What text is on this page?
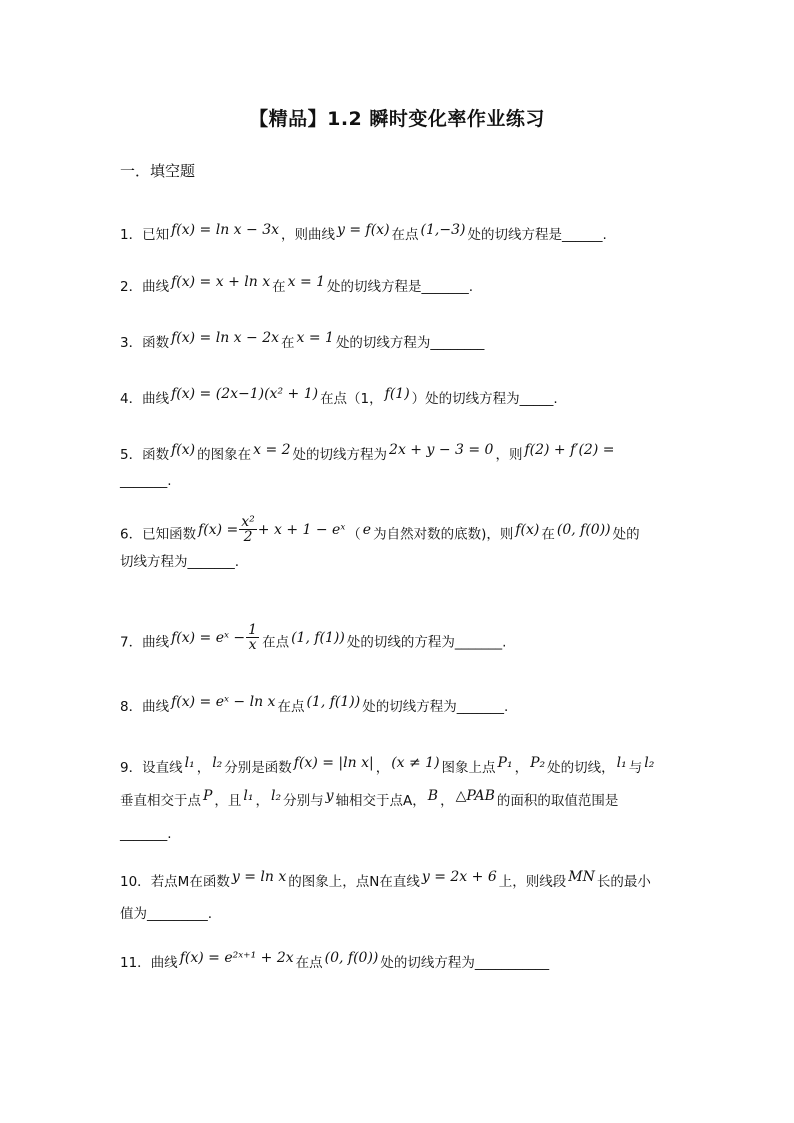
【精品】1.2 瞬时变化率作业练习
一．填空题
1．已知 f(x) = ln x − 3x ，则曲线 y = f(x) 在点 (1,−3) 处的切线方程是______.
2．曲线 f(x) = x + ln x 在 x = 1 处的切线方程是_______.
3．函数 f(x) = ln x − 2x 在 x = 1 处的切线方程为________
4．曲线 f(x) = (2x−1)(x² + 1) 在点（1， f(1) ）处的切线方程为_____.
5．函数 f(x) 的图象在 x = 2 处的切线方程为 2x + y − 3 = 0 ，则 f(2) + f′(2) =
_______.
6．已知函数 $f(x) = \frac{\text{x²}}{2} + x + 1$ − eˣ （ e 为自然对数的底数)，则 f(x) 在 (0, f(0)) 处的
切线方程为_______.
7．曲线 f(x) = eˣ − $\frac{1}{x}$ 在点 (1, f(1)) 处的切线的方程为_______.
8．曲线 f(x) = eˣ − ln x 在点 (1, f(1)) 处的切线方程为_______.
9．设直线 l₁ ， l₂ 分别是函数 f(x) = |ln x| ， (x ≠ 1) 图象上点 P₁ ， P₂ 处的切线， l₁ 与 l₂
垂直相交于点 P ，且 l₁ ， l₂ 分别与 y 轴相交于点A， B ， △PAB 的面积的取值范围是
_______.
10．若点M在函数 y = ln x 的图象上，点N在直线 y = 2x + 6 上，则线段 MN 长的最小
值为_________.
11．曲线 f(x) = e²ˣ⁺¹ + 2x 在点 (0, f(0)) 处的切线方程为___________
